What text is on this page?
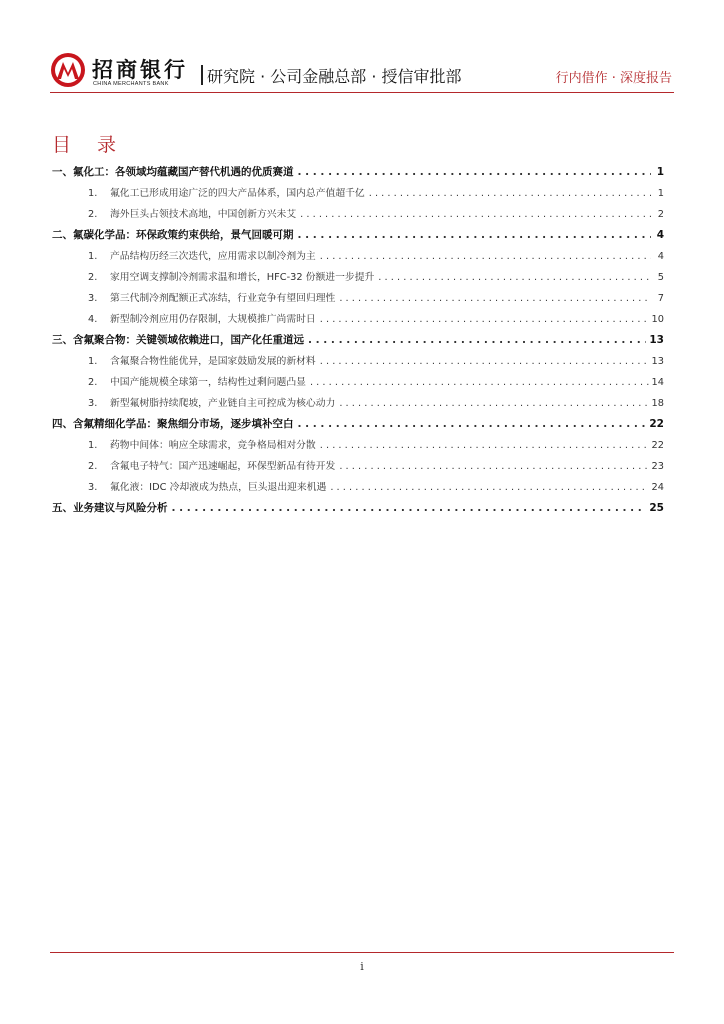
招商银行
CHINA MERCHANTS BANK 研究院 · 公司金融总部 · 授信审批部	行内借作 · 深度报告
目 录
一、氟化工：各领域均蕴藏国产替代机遇的优质赛道 . . .	1
1.	氟化工已形成用途广泛的四大产品体系，国内总产值超千亿 . . .	1
2.	海外巨头占领技术高地，中国创新方兴未艾 . . .	2
二、氟碳化学品：环保政策约束供给，景气回暖可期 . . .	4
1.	产品结构历经三次迭代，应用需求以制冷剂为主 . . .	4
2.	家用空调支撑制冷剂需求温和增长，HFC-32 份额进一步提升 . . .	5
3.	第三代制冷剂配额正式冻结，行业竞争有望回归理性 . . .	7
4.	新型制冷剂应用仍存限制，大规模推广尚需时日 . . .	10
三、含氟聚合物：关键领域依赖进口，国产化任重道远 . . .	13
1.	含氟聚合物性能优异，是国家鼓励发展的新材料 . . .	13
2.	中国产能规模全球第一，结构性过剩问题凸显 . . .	14
3.	新型氟树脂持续爬坡，产业链自主可控成为核心动力 . . .	18
四、含氟精细化学品：聚焦细分市场，逐步填补空白 . . .	22
1.	药物中间体：响应全球需求，竞争格局相对分散 . . .	22
2.	含氟电子特气：国产迅速崛起，环保型新品有待开发 . . .	23
3.	氟化液：IDC 冷却液成为热点，巨头退出迎来机遇 . . .	24
五、业务建议与风险分析 . . .	25
i
